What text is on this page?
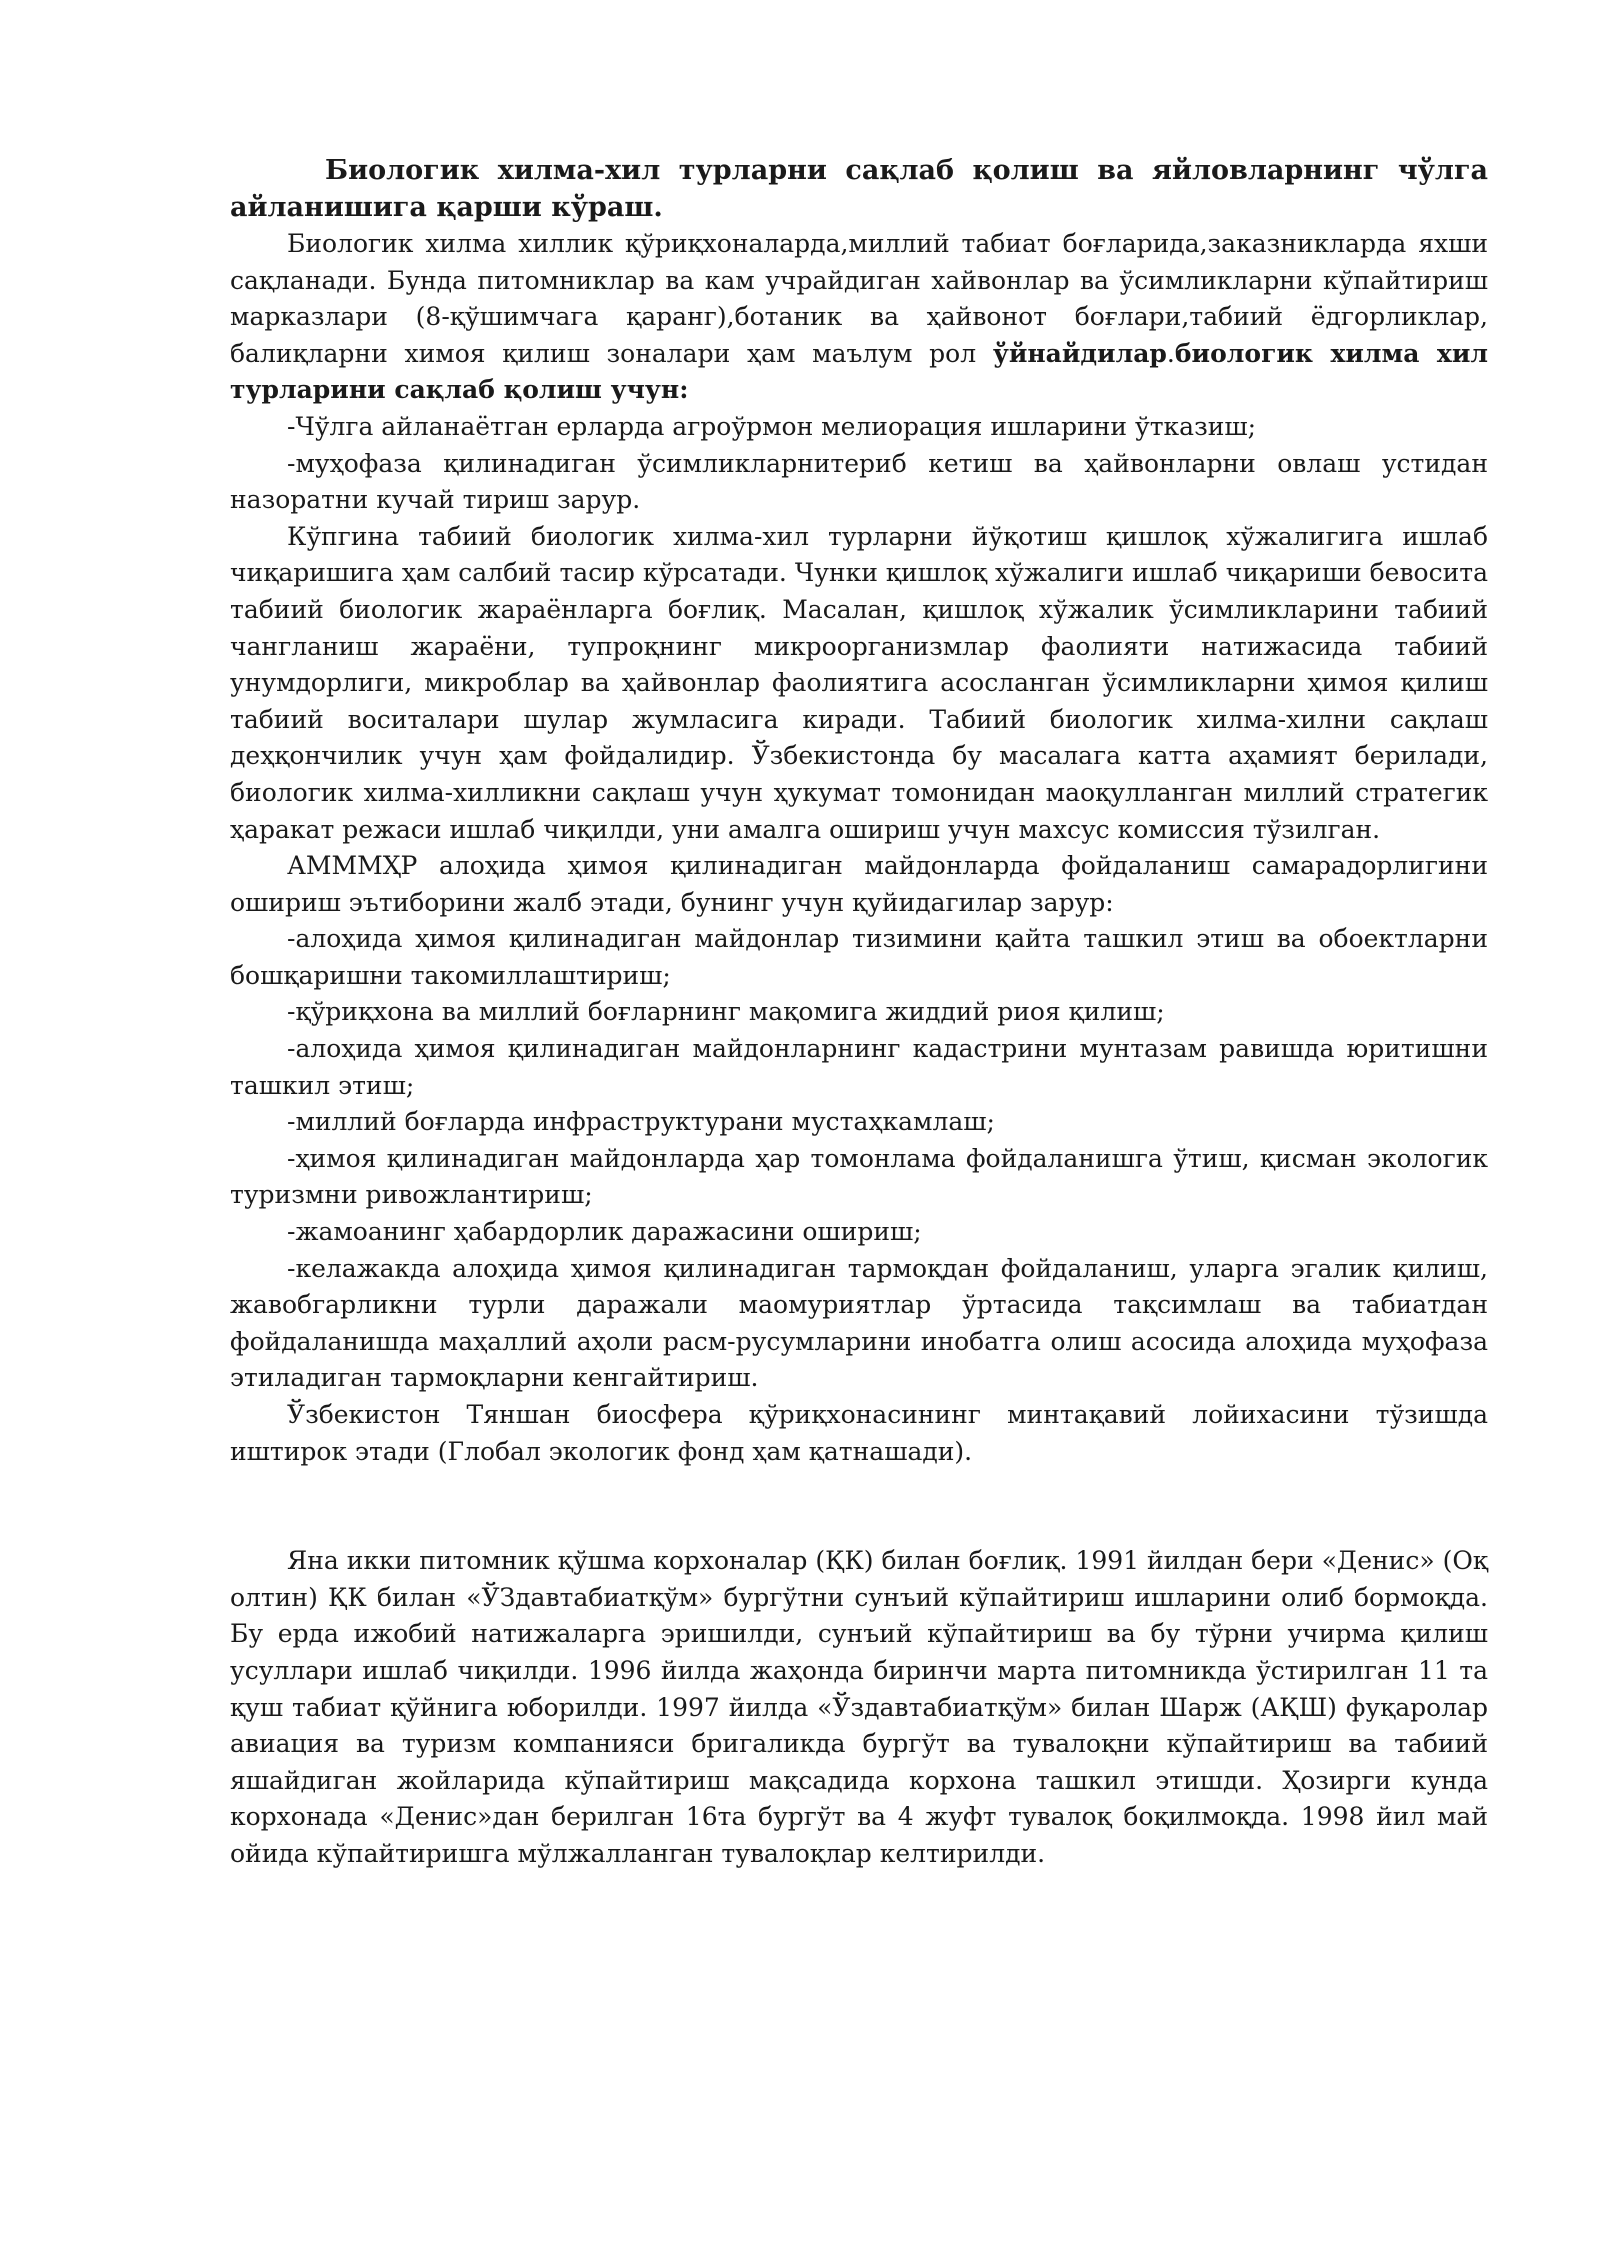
Биологик хилма-хил турларни сақлаб қолиш ва яйловларнинг чўлга айланишига қарши кўраш.

Биологик хилма хиллик қўриқхоналарда,миллий табиат боғларида,заказникларда яхши сақланади. Бунда питомниклар ва кам учрайдиган хайвонлар ва ўсимликларни кўпайтириш марказлари (8-қўшимчага қаранг),ботаник ва ҳайвонот боғлари,табиий ёдгорликлар, балиқларни химоя қилиш зоналари ҳам маълум рол ўйнайдилар.биологик хилма хил турларини сақлаб қолиш учун:

-Чўлга айланаётган ерларда агроўрмон мелиорация ишларини ўтказиш;

-муҳофаза қилинадиган ўсимликларнитериб кетиш ва ҳайвонларни овлаш устидан назоратни кучай тириш зарур.

Кўпгина табиий биологик хилма-хил турларни йўқотиш қишлоқ хўжалигига ишлаб чиқаришига ҳам салбий тасир кўрсатади. Чунки қишлоқ хўжалиги ишлаб чиқариши бевосита табиий биологик жараёнларга боғлиқ. Масалан, қишлоқ хўжалик ўсимликларини табиий чангланиш жараёни, тупроқнинг микроорганизмлар фаолияти натижасида табиий унумдорлиги, микроблар ва ҳайвонлар фаолиятига асосланган ўсимликларни ҳимоя қилиш табиий воситалари шулар жумласига киради. Табиий биологик хилма-хилни сақлаш деҳқончилик учун ҳам фойдалидир. Ўзбекистонда бу масалага катта аҳамият берилади, биологик хилма-хилликни сақлаш учун ҳукумат томонидан маоқулланган миллий стратегик ҳаракат режаси ишлаб чиқилди, уни амалга ошириш учун махсус комиссия тўзилган.

АММMҲР алоҳида ҳимоя қилинадиган майдонларда фойдаланиш самарадорлигини ошириш эътиборини жалб этади, бунинг учун қуйидагилар зарур:

-алоҳида ҳимоя қилинадиган майдонлар тизимини қайта ташкил этиш ва обоектларни бошқаришни такомиллаштириш;

-қўриқхона ва миллий боғларнинг мақомига жиддий риоя қилиш;

-алоҳида ҳимоя қилинадиган майдонларнинг кадастрини мунтазам равишда юритишни ташкил этиш;

-миллий боғларда инфраструктурани мустаҳкамлаш;

-ҳимоя қилинадиган майдонларда ҳар томонлама фойдаланишга ўтиш, қисман экологик туризмни ривожлантириш;

-жамоанинг ҳабардорлик даражасини ошириш;

-келажакда алоҳида ҳимоя қилинадиган тармоқдан фойдаланиш, уларга эгалик қилиш, жавобгарликни турли даражали маомуриятлар ўртасида тақсимлаш ва табиатдан фойдаланишда маҳаллий аҳоли расм-русумларини инобатга олиш асосида алоҳида муҳофаза этиладиган тармоқларни кенгайтириш.

Ўзбекистон Тяншан биосфера қўриқхонасининг минтақавий лойихасини тўзишда иштирок этади (Глобал экологик фонд ҳам қатнашади).

Яна икки питомник қўшма корхоналар (ҚК) билан боғлиқ. 1991 йилдан бери «Денис» (Оқ олтин) ҚК билан «ЎЗдавтабиатқўм» бургўтни сунъий кўпайтириш ишларини олиб бормоқда. Бу ерда ижобий натижаларга эришилди, сунъий кўпайтириш ва бу тўрни учирма қилиш усуллари ишлаб чиқилди. 1996 йилда жаҳонда биринчи марта питомникда ўстирилган 11 та қуш табиат қўйнига юборилди. 1997 йилда «Ўздавтабиатқўм» билан Шарж (АҚШ) фуқаролар авиация ва туризм компанияси бригаликда бургўт ва тувалоқни кўпайтириш ва табиий яшайдиган жойларида кўпайтириш мақсадида корхона ташкил этишди. Ҳозирги кунда корхонада «Денис»дан берилган 16та бургўт ва 4 жуфт тувалоқ боқилмоқда. 1998 йил май ойида кўпайтиришга мўлжалланган тувалоқлар келтирилди.
